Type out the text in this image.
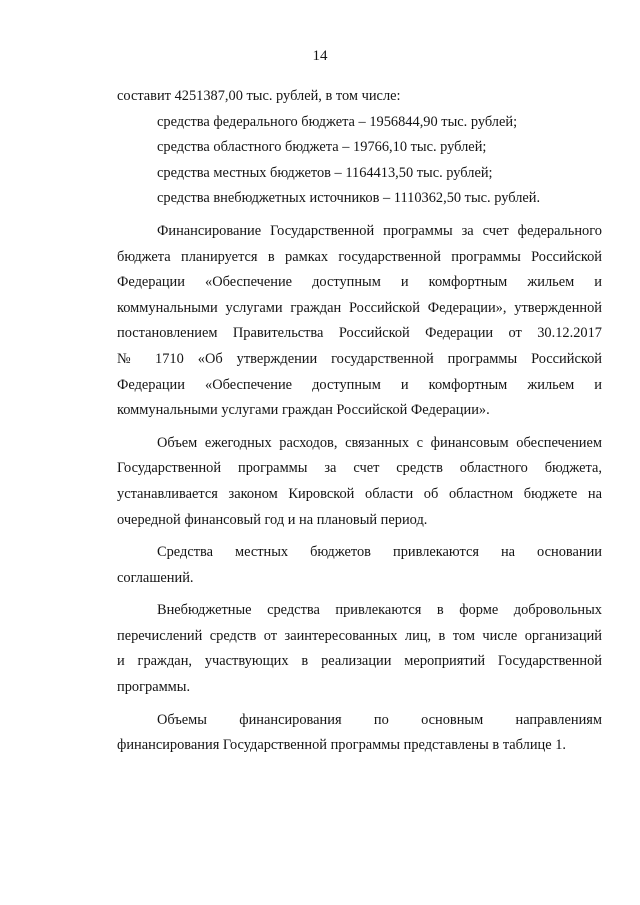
14
составит 4251387,00 тыс. рублей, в том числе:
средства федерального бюджета – 1956844,90 тыс. рублей;
средства областного бюджета – 19766,10 тыс. рублей;
средства местных бюджетов – 1164413,50 тыс. рублей;
средства внебюджетных источников – 1110362,50 тыс. рублей.
Финансирование Государственной программы за счет федерального
бюджета планируется в рамках государственной программы Российской
Федерации «Обеспечение доступным и комфортным жильем и
коммунальными услугами граждан Российской Федерации», утвержденной
постановлением Правительства Российской Федерации от 30.12.2017
№ 1710 «Об утверждении государственной программы Российской
Федерации «Обеспечение доступным и комфортным жильем и
коммунальными услугами граждан Российской Федерации».
Объем ежегодных расходов, связанных с финансовым обеспечением
Государственной программы за счет средств областного бюджета,
устанавливается законом Кировской области об областном бюджете на
очередной финансовый год и на плановый период.
Средства местных бюджетов привлекаются на основании
соглашений.
Внебюджетные средства привлекаются в форме добровольных
перечислений средств от заинтересованных лиц, в том числе организаций
и граждан, участвующих в реализации мероприятий Государственной
программы.
Объемы финансирования по основным направлениям
финансирования Государственной программы представлены в таблице 1.
